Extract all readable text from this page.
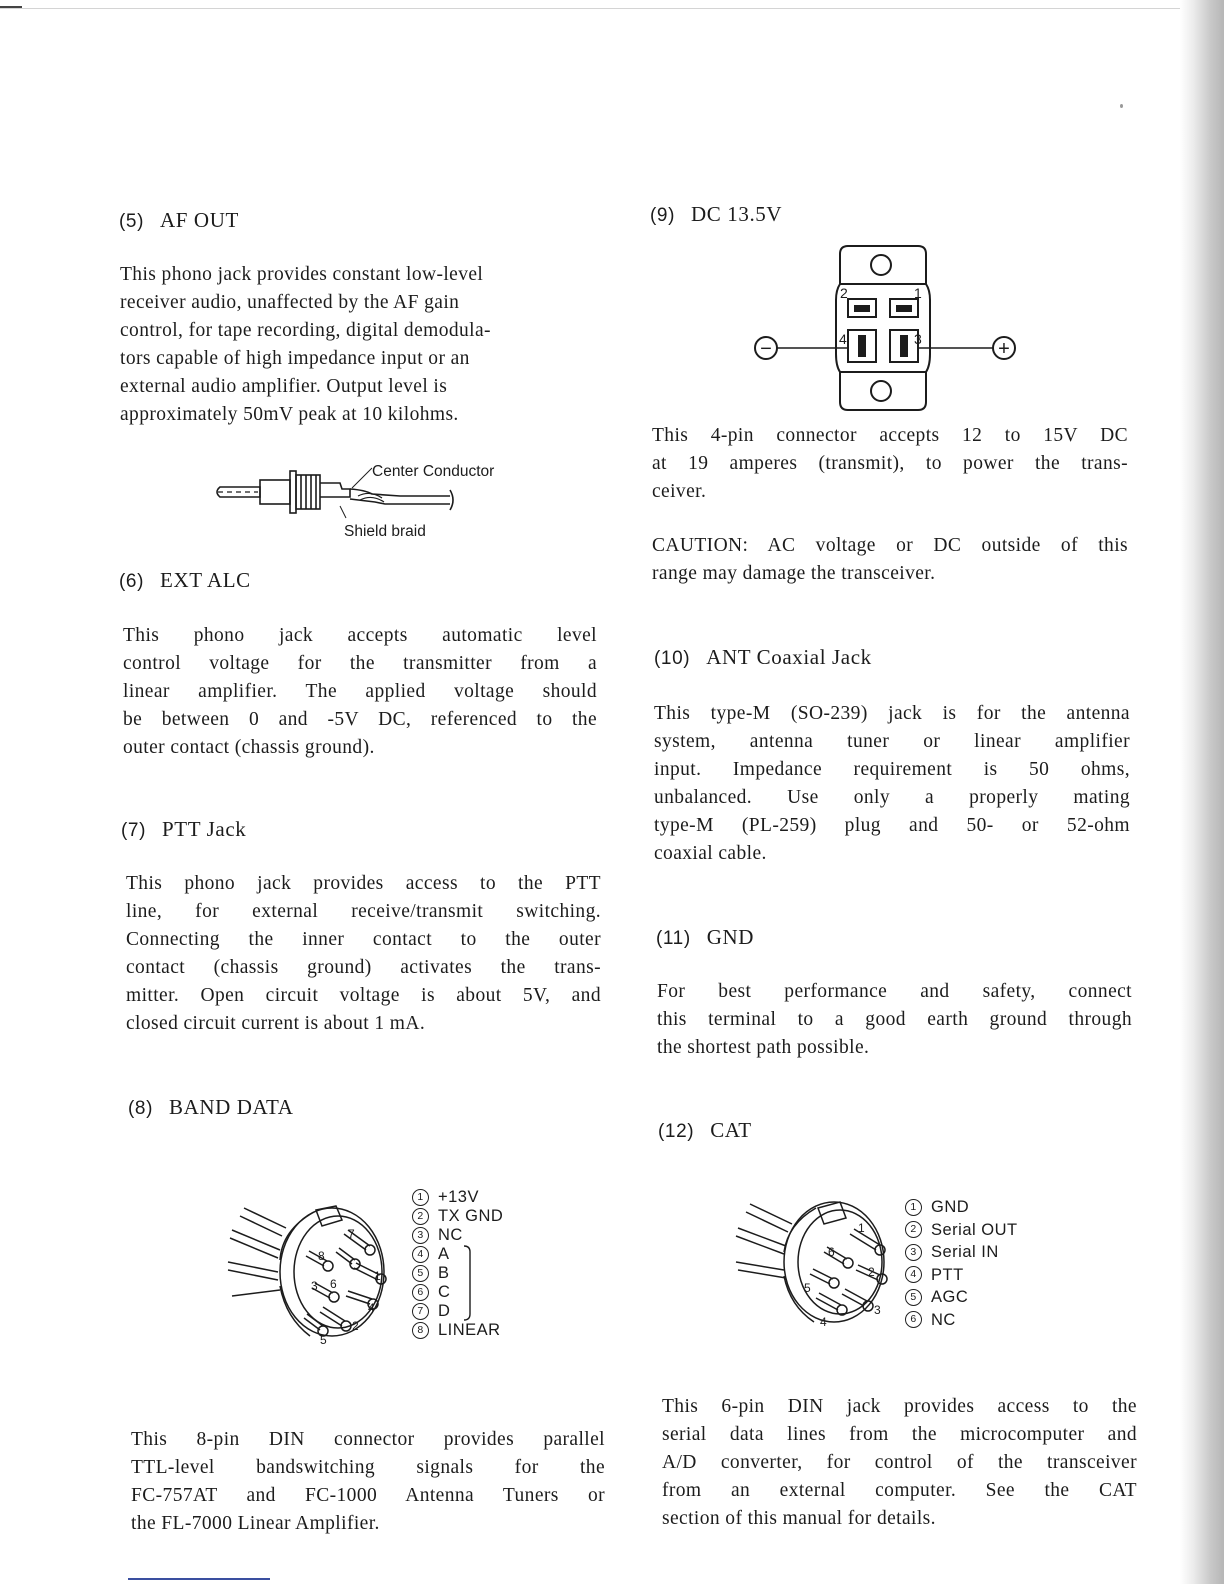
(5) AF OUT
This phono jack provides constant low-level
receiver audio, unaffected by the AF gain
control, for tape recording, digital demodula-
tors capable of high impedance input or an
external audio amplifier. Output level is
approximately 50mV peak at 10 kilohms.
Center Conductor
Shield braid
(6) EXT ALC
This phono jack accepts automatic level
control voltage for the transmitter from a
linear amplifier. The applied voltage should
be between 0 and -5V DC, referenced to the
outer contact (chassis ground).
(7) PTT Jack
This phono jack provides access to the PTT
line, for external receive/transmit switching.
Connecting the inner contact to the outer
contact (chassis ground) activates the trans-
mitter. Open circuit voltage is about 5V, and
closed circuit current is about 1 mA.
(8) BAND DATA
1
2
3
4
5
6
7
8
1 +13V
2 TX GND
3 NC
4 A
5 B
6 C
7 D
8 LINEAR
This 8-pin DIN connector provides parallel
TTL-level bandswitching signals for the
FC-757AT and FC-1000 Antenna Tuners or
the FL-7000 Linear Amplifier.
(9) DC 13.5V
1
2
3
4
−	+
This 4-pin connector accepts 12 to 15V DC
at 19 amperes (transmit), to power the trans-
ceiver.
CAUTION: AC voltage or DC outside of this
range may damage the transceiver.
(10) ANT Coaxial Jack
This type-M (SO-239) jack is for the antenna
system, antenna tuner or linear amplifier
input. Impedance requirement is 50 ohms,
unbalanced. Use only a properly mating
type-M (PL-259) plug and 50- or 52-ohm
coaxial cable.
(11) GND
For best performance and safety, connect
this terminal to a good earth ground through
the shortest path possible.
(12) CAT
1
2
3
4
5
6
1 GND
2 Serial OUT
3 Serial IN
4 PTT
5 AGC
6 NC
This 6-pin DIN jack provides access to the
serial data lines from the microcomputer and
A/D converter, for control of the transceiver
from an external computer. See the CAT
section of this manual for details.
